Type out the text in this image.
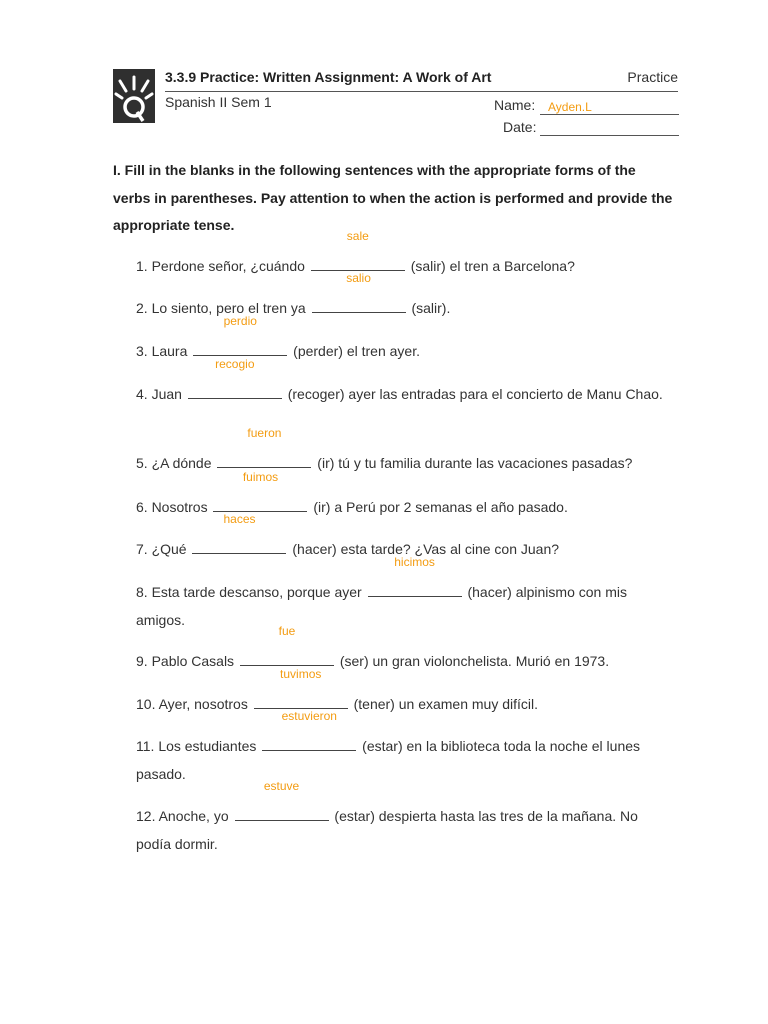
3.3.9 Practice: Written Assignment: A Work of Art	Practice
Spanish II Sem 1	Name: Ayden.L
Date:
I. Fill in the blanks in the following sentences with the appropriate forms of the verbs in parentheses. Pay attention to when the action is performed and provide the appropriate tense.
1. Perdone señor, ¿cuándo
sale
(salir) el tren a Barcelona?
2. Lo siento, pero el tren ya
salio
(salir).
3. Laura
perdio
(perder) el tren ayer.
4. Juan
recogio
(recoger) ayer las entradas para el concierto de Manu Chao.
5. ¿A dónde
fueron
(ir) tú y tu familia durante las vacaciones pasadas?
6. Nosotros
fuimos
(ir) a Perú por 2 semanas el año pasado.
7. ¿Qué
haces
(hacer) esta tarde? ¿Vas al cine con Juan?
8. Esta tarde descanso, porque ayer
hicimos
(hacer) alpinismo con mis amigos.
9. Pablo Casals
fue
(ser) un gran violonchelista. Murió en 1973.
10. Ayer, nosotros
tuvimos
(tener) un examen muy difícil.
11. Los estudiantes
estuvieron
(estar) en la biblioteca toda la noche el lunes pasado.
12. Anoche, yo
estuve
(estar) despierta hasta las tres de la mañana. No podía dormir.
